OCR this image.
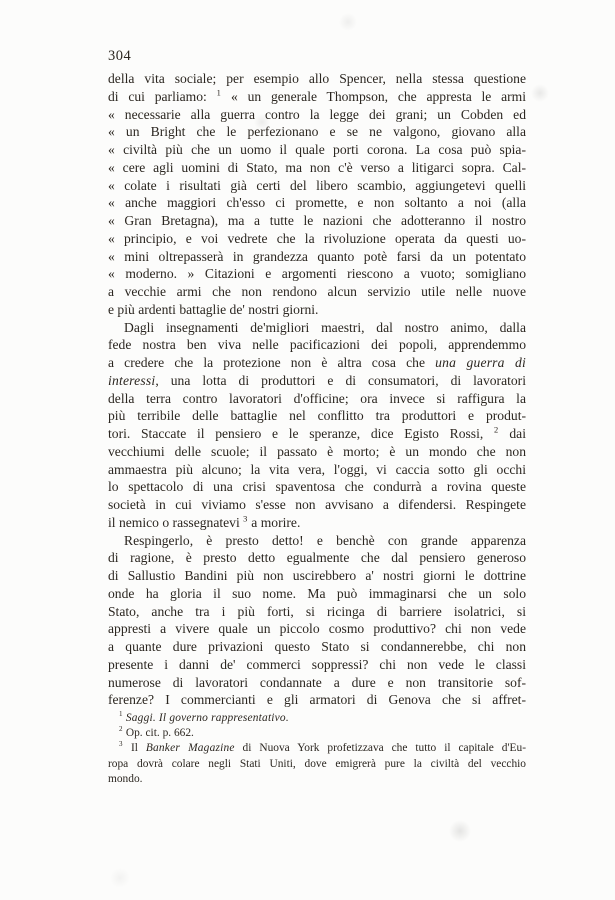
304
della vita sociale; per esempio allo Spencer, nella stessa questione
di cui parliamo: $^1$ « un generale Thompson, che appresta le armi
« necessarie alla guerra contro la legge dei grani; un Cobden ed
« un Bright che le perfezionano e se ne valgono, giovano alla
« civiltà più che un uomo il quale porti corona. La cosa può spia-
« cere agli uomini di Stato, ma non c'è verso a litigarci sopra. Cal-
« colate i risultati già certi del libero scambio, aggiungetevi quelli
« anche maggiori ch'esso ci promette, e non soltanto a noi (alla
« Gran Bretagna), ma a tutte le nazioni che adotteranno il nostro
« principio, e voi vedrete che la rivoluzione operata da questi uo-
« mini oltrepasserà in grandezza quanto potè farsi da un potentato
« moderno. » Citazioni e argomenti riescono a vuoto; somigliano
a vecchie armi che non rendono alcun servizio utile nelle nuove
e più ardenti battaglie de' nostri giorni.
Dagli insegnamenti de'migliori maestri, dal nostro animo, dalla
fede nostra ben viva nelle pacificazioni dei popoli, apprendemmo
a credere che la protezione non è altra cosa che una guerra di
interessi, una lotta di produttori e di consumatori, di lavoratori
della terra contro lavoratori d'officine; ora invece si raffigura la
più terribile delle battaglie nel conflitto tra produttori e produt-
tori. Staccate il pensiero e le speranze, dice Egisto Rossi, $^2$ dai
vecchiumi delle scuole; il passato è morto; è un mondo che non
ammaestra più alcuno; la vita vera, l'oggi, vi caccia sotto gli occhi
lo spettacolo di una crisi spaventosa che condurrà a rovina queste
società in cui viviamo s'esse non avvisano a difendersi. Respingete
il nemico o rassegnatevi $^3$ a morire.
Respingerlo, è presto detto! e benchè con grande apparenza
di ragione, è presto detto egualmente che dal pensiero generoso
di Sallustio Bandini più non uscirebbero a' nostri giorni le dottrine
onde ha gloria il suo nome. Ma può immaginarsi che un solo
Stato, anche tra i più forti, si ricinga di barriere isolatrici, si
appresti a vivere quale un piccolo cosmo produttivo? chi non vede
a quante dure privazioni questo Stato si condannerebbe, chi non
presente i danni de' commerci soppressi? chi non vede le classi
numerose di lavoratori condannate a dure e non transitorie sof-
ferenze? I commercianti e gli armatori di Genova che si affret-
$^1$ Saggi. Il governo rappresentativo.
$^2$ Op. cit. p. 662.
$^3$ Il Banker Magazine di Nuova York profetizzava che tutto il capitale d'Eu-
ropa dovrà colare negli Stati Uniti, dove emigrerà pure la civiltà del vecchio
mondo.
